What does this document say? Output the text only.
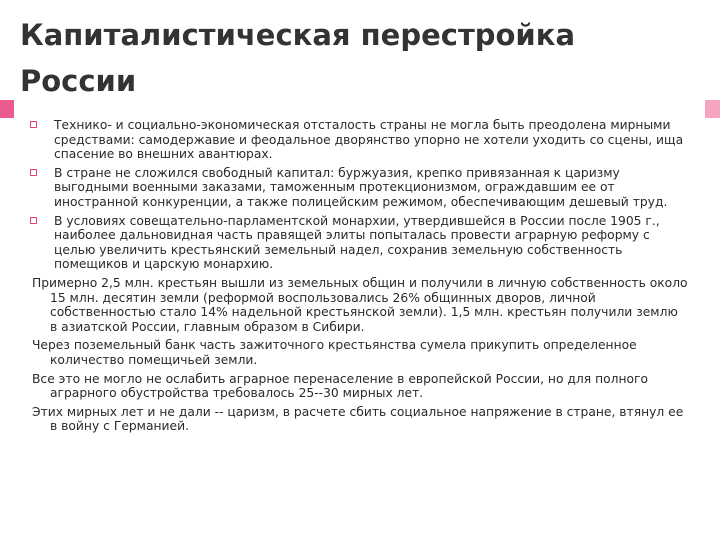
Капиталистическая перестройка России
Технико- и социально-экономическая отсталость страны не могла быть преодолена мирными средствами: самодержавие и феодальное дворянство упорно не хотели уходить со сцены, ища спасение во внешних авантюрах.
В стране не сложился свободный капитал: буржуазия, крепко привязанная к царизму выгодными военными заказами, таможенным протекционизмом, ограждавшим ее от иностранной конкуренции, а также полицейским режимом, обеспечивающим дешевый труд.
В условиях совещательно-парламентской монархии, утвердившейся в России после 1905 г., наиболее дальновидная часть правящей элиты попыталась провести аграрную реформу с целью увеличить крестьянский земельный надел, сохранив земельную собственность помещиков и царскую монархию.
Примерно 2,5 млн. крестьян вышли из земельных общин и получили в личную собственность около 15 млн. десятин земли (реформой воспользовались 26% общинных дворов, личной собственностью стало 14% надельной крестьянской земли). 1,5 млн. крестьян получили землю в азиатской России, главным образом в Сибири.
Через поземельный банк часть зажиточного крестьянства сумела прикупить определенное количество помещичьей земли.
Все это не могло не ослабить аграрное перенаселение в европейской России, но для полного аграрного обустройства требовалось 25--30 мирных лет.
Этих мирных лет и не дали -- царизм, в расчете сбить социальное напряжение в стране, втянул ее в войну с Германией.
